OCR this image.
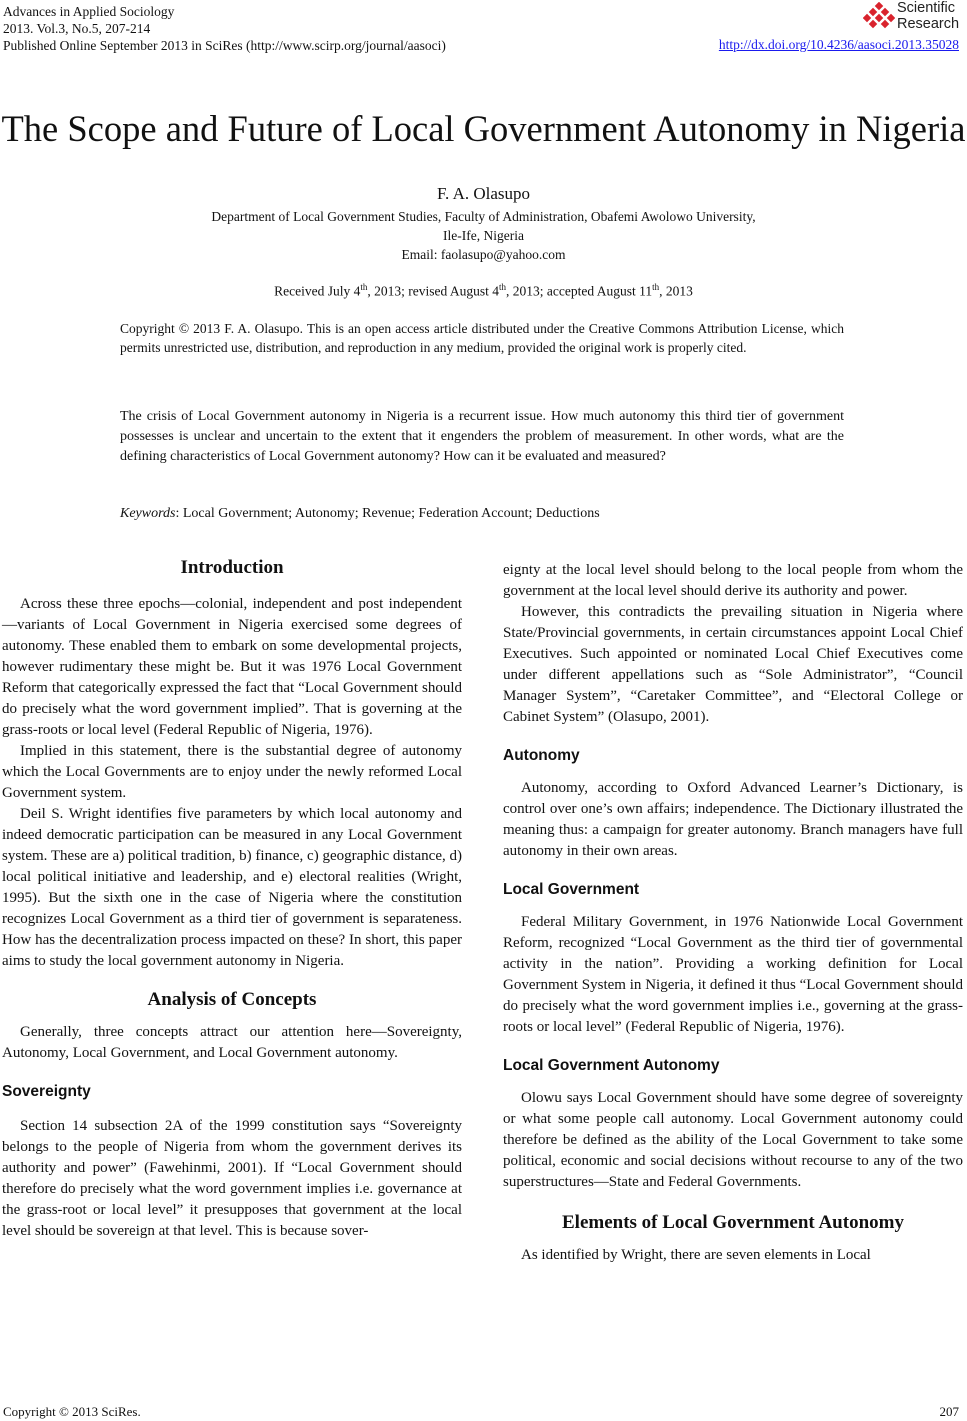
Advances in Applied Sociology
2013. Vol.3, No.5, 207-214
Published Online September 2013 in SciRes (http://www.scirp.org/journal/aasoci)
Scientific
Research
http://dx.doi.org/10.4236/aasoci.2013.35028
The Scope and Future of Local Government Autonomy in Nigeria
F. A. Olasupo
Department of Local Government Studies, Faculty of Administration, Obafemi Awolowo University,
Ile-Ife, Nigeria
Email: faolasupo@yahoo.com
Received July 4th, 2013; revised August 4th, 2013; accepted August 11th, 2013
Copyright © 2013 F. A. Olasupo. This is an open access article distributed under the Creative Commons Attribution License, which permits unrestricted use, distribution, and reproduction in any medium, provided the original work is properly cited.
The crisis of Local Government autonomy in Nigeria is a recurrent issue. How much autonomy this third tier of government possesses is unclear and uncertain to the extent that it engenders the problem of measurement. In other words, what are the defining characteristics of Local Government autonomy? How can it be evaluated and measured?
Keywords: Local Government; Autonomy; Revenue; Federation Account; Deductions
Introduction

Across these three epochs—colonial, independent and post independent—variants of Local Government in Nigeria exercised some degrees of autonomy. These enabled them to embark on some developmental projects, however rudimentary these might be. But it was 1976 Local Government Reform that categorically expressed the fact that “Local Government should do precisely what the word government implied”. That is governing at the grass-roots or local level (Federal Republic of Nigeria, 1976).

Implied in this statement, there is the substantial degree of autonomy which the Local Governments are to enjoy under the newly reformed Local Government system.

Deil S. Wright identifies five parameters by which local autonomy and indeed democratic participation can be measured in any Local Government system. These are a) political tradition, b) finance, c) geographic distance, d) local political initiative and leadership, and e) electoral realities (Wright, 1995). But the sixth one in the case of Nigeria where the constitution recognizes Local Government as a third tier of government is separateness. How has the decentralization process impacted on these? In short, this paper aims to study the local government autonomy in Nigeria.

Analysis of Concepts

Generally, three concepts attract our attention here—Sovereignty, Autonomy, Local Government, and Local Government autonomy.

Sovereignty

Section 14 subsection 2A of the 1999 constitution says “Sovereignty belongs to the people of Nigeria from whom the government derives its authority and power” (Fawehinmi, 2001). If “Local Government should therefore do precisely what the word government implies i.e. governance at the grass-root or local level” it presupposes that government at the local level should be sovereign at that level. This is because sover-

eignty at the local level should belong to the local people from whom the government at the local level should derive its authority and power.

However, this contradicts the prevailing situation in Nigeria where State/Provincial governments, in certain circumstances appoint Local Chief Executives. Such appointed or nominated Local Chief Executives come under different appellations such as “Sole Administrator”, “Council Manager System”, “Caretaker Committee”, and “Electoral College or Cabinet System” (Olasupo, 2001).

Autonomy

Autonomy, according to Oxford Advanced Learner’s Dictionary, is control over one’s own affairs; independence. The Dictionary illustrated the meaning thus: a campaign for greater autonomy. Branch managers have full autonomy in their own areas.

Local Government

Federal Military Government, in 1976 Nationwide Local Government Reform, recognized “Local Government as the third tier of governmental activity in the nation”. Providing a working definition for Local Government System in Nigeria, it defined it thus “Local Government should do precisely what the word government implies i.e., governing at the grass-roots or local level” (Federal Republic of Nigeria, 1976).

Local Government Autonomy

Olowu says Local Government should have some degree of sovereignty or what some people call autonomy. Local Government autonomy could therefore be defined as the ability of the Local Government to take some political, economic and social decisions without recourse to any of the two superstructures—State and Federal Governments.

Elements of Local Government Autonomy

As identified by Wright, there are seven elements in Local

Copyright © 2013 SciRes.	207
